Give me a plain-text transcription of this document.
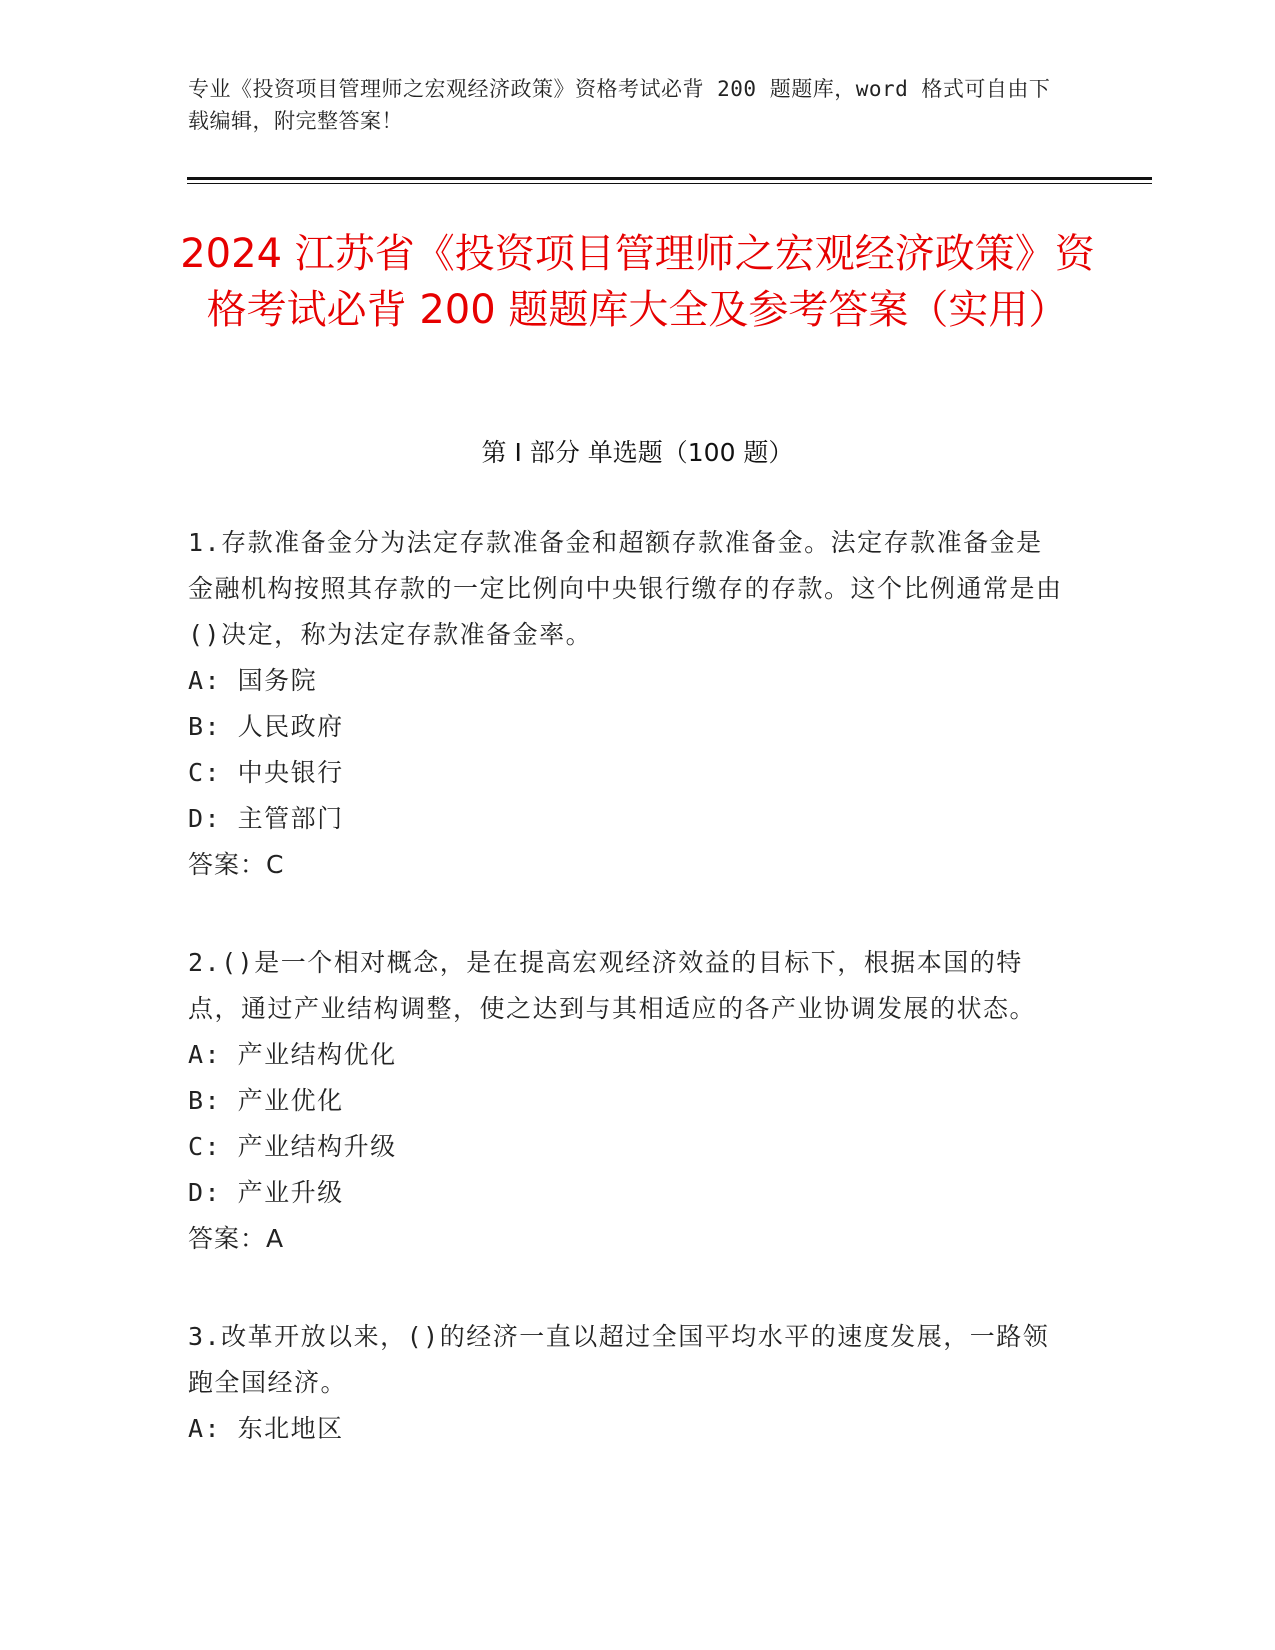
专业《投资项目管理师之宏观经济政策》资格考试必背 200 题题库，word 格式可自由下载编辑，附完整答案！
2024 江苏省《投资项目管理师之宏观经济政策》资格考试必背 200 题题库大全及参考答案（实用）
第 I 部分 单选题（100 题）

1.存款准备金分为法定存款准备金和超额存款准备金。法定存款准备金是金融机构按照其存款的一定比例向中央银行缴存的存款。这个比例通常是由()决定，称为法定存款准备金率。

A: 国务院

B: 人民政府

C: 中央银行

D: 主管部门

答案：C

2.()是一个相对概念，是在提高宏观经济效益的目标下，根据本国的特点，通过产业结构调整，使之达到与其相适应的各产业协调发展的状态。

A: 产业结构优化

B: 产业优化

C: 产业结构升级

D: 产业升级

答案：A

3.改革开放以来，()的经济一直以超过全国平均水平的速度发展，一路领跑全国经济。

A: 东北地区
